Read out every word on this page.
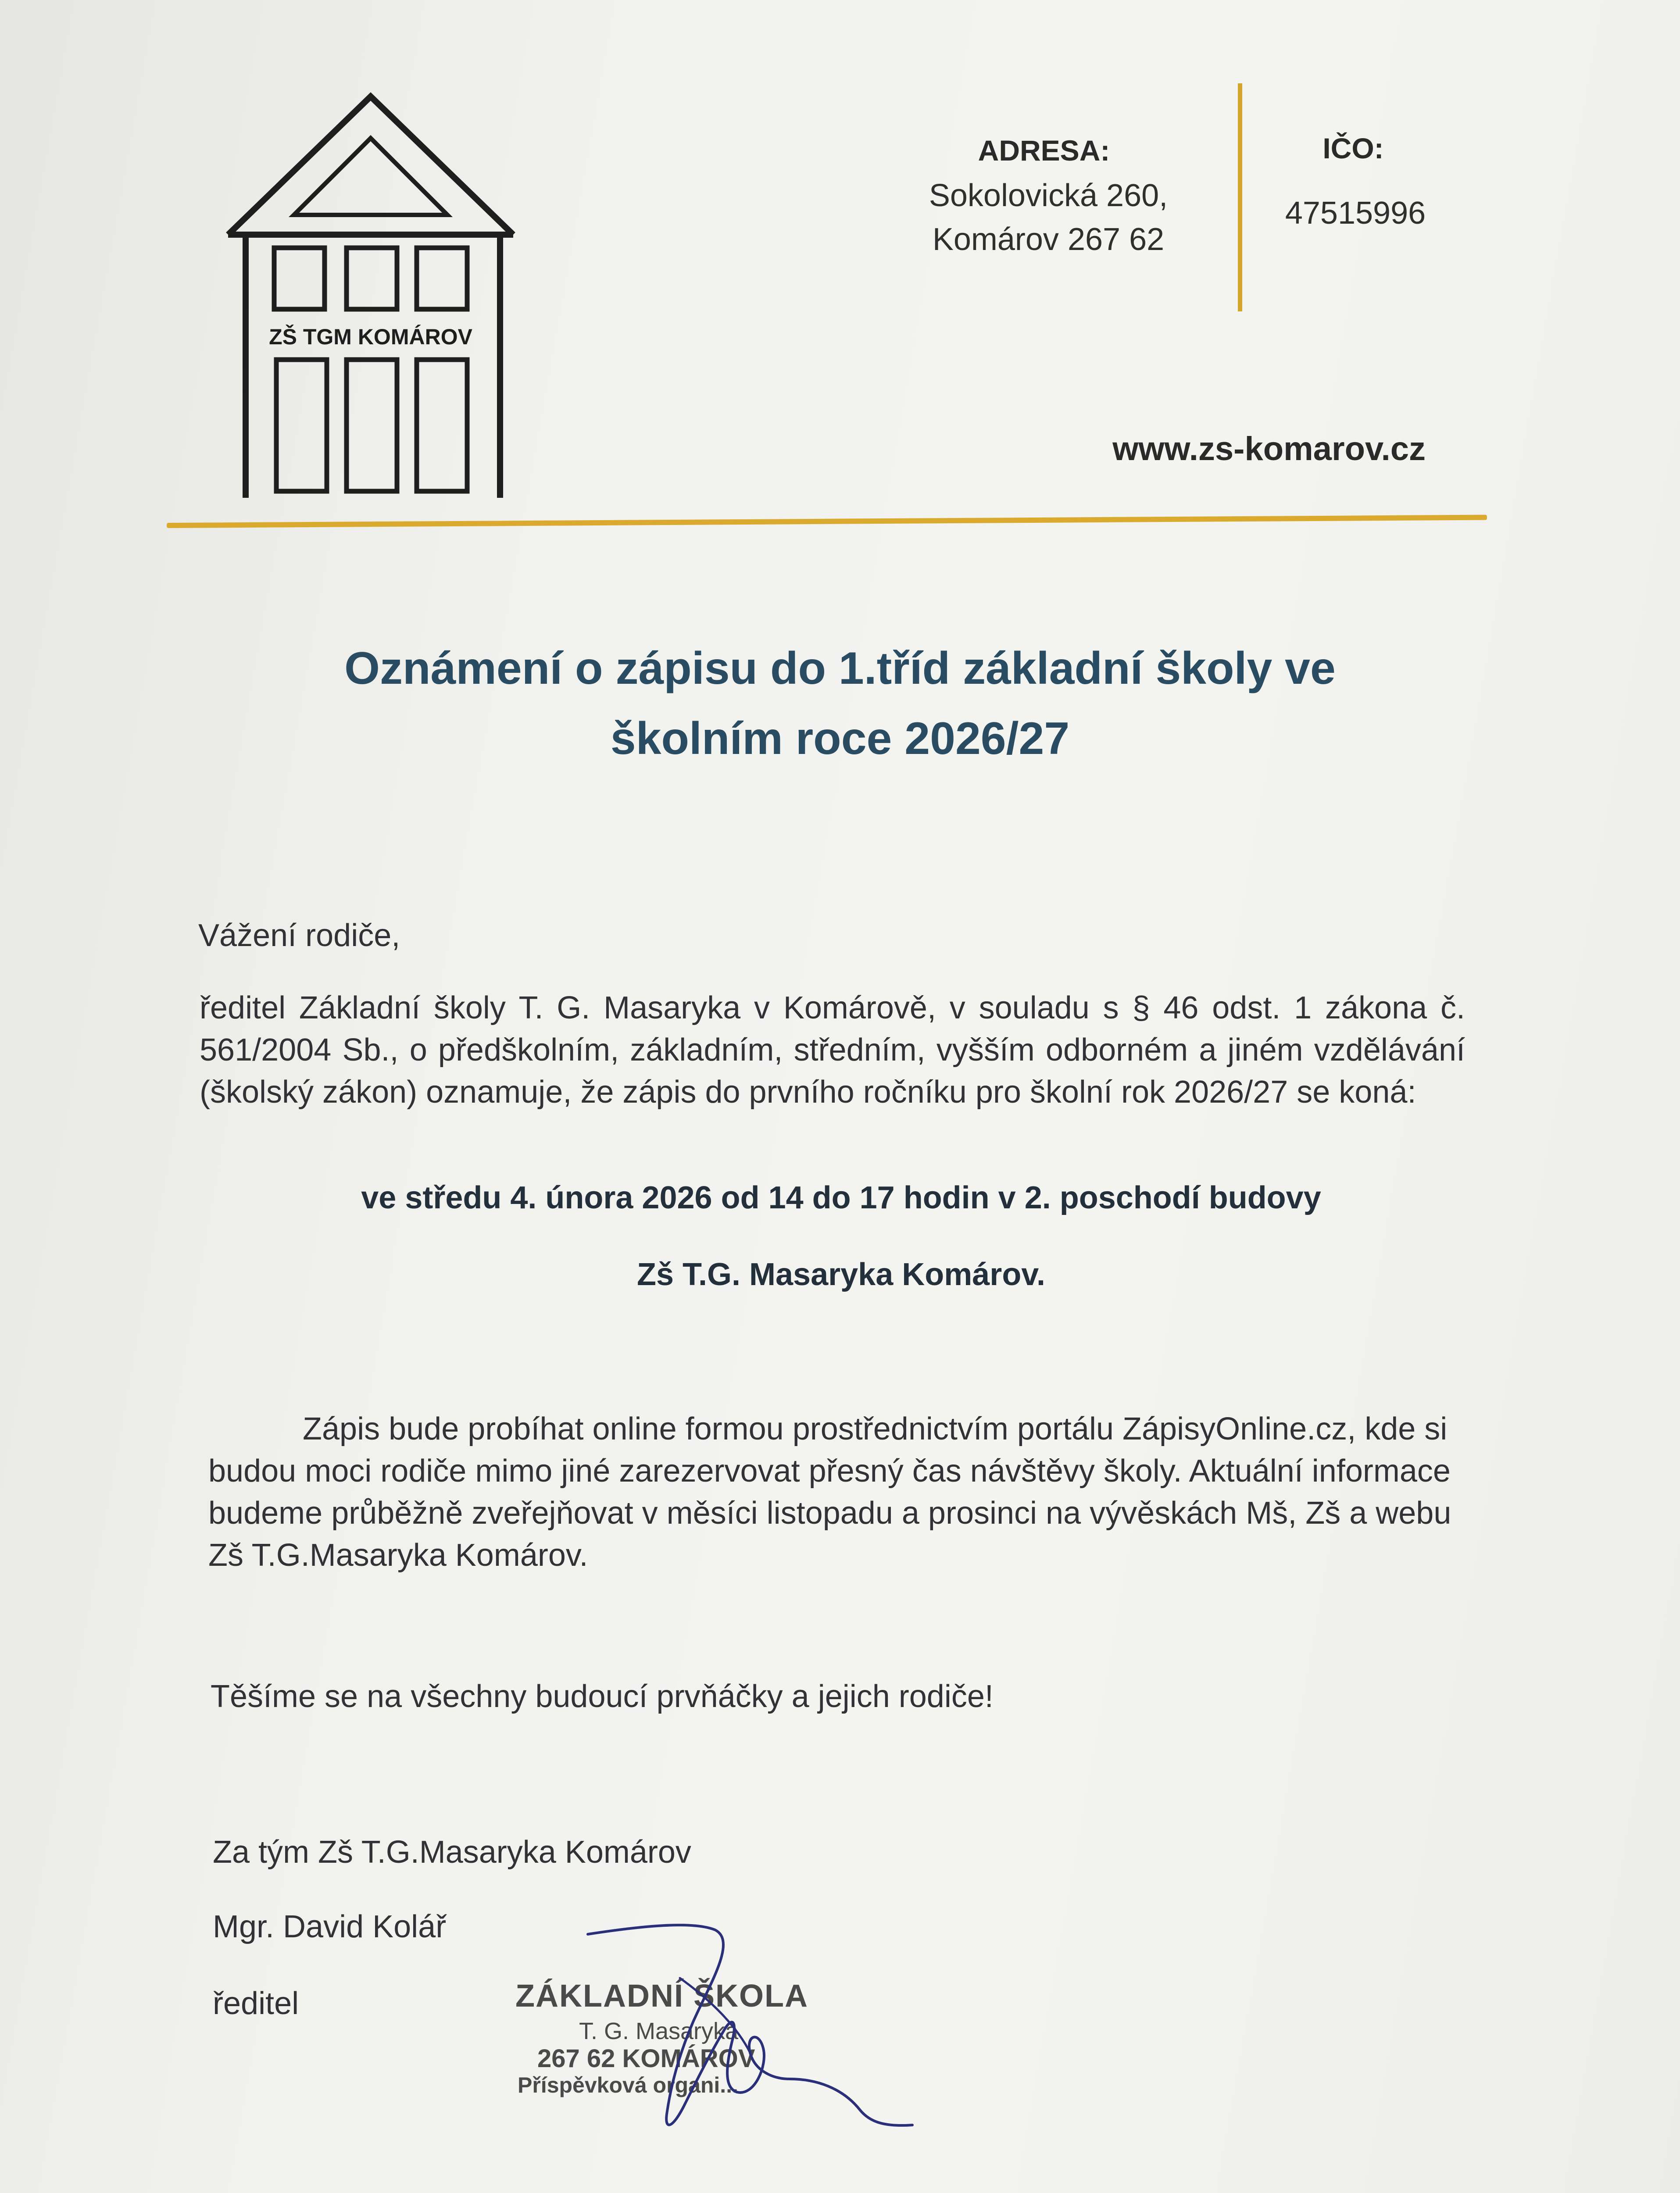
ZŠ TGM KOMÁROV
ADRESA:
Sokolovická 260,
Komárov 267 62
IČO:
47515996
www.zs-komarov.cz
Oznámení o zápisu do 1.tříd základní školy ve
školním roce 2026/27
Vážení rodiče,
ředitel Základní školy T. G. Masaryka v Komárově, v souladu s § 46 odst. 1 zákona č. 561/2004 Sb., o předškolním, základním, středním, vyšším odborném a jiném vzdělávání (školský zákon) oznamuje, že zápis do prvního ročníku pro školní rok 2026/27 se koná:
ve středu 4. února 2026 od 14 do 17 hodin v 2. poschodí budovy
Zš T.G. Masaryka Komárov.
Zápis bude probíhat online formou prostřednictvím portálu ZápisyOnline.cz, kde si budou moci rodiče mimo jiné zarezervovat přesný čas návštěvy školy. Aktuální informace budeme průběžně zveřejňovat v měsíci listopadu a prosinci na vývěskách Mš, Zš a webu Zš T.G.Masaryka Komárov.
Těšíme se na všechny budoucí prvňáčky a jejich rodiče!
Za tým Zš T.G.Masaryka Komárov
Mgr. David Kolář
ředitel	ZÁKLADNÍ ŠKOLA
T. G. Masaryka
267 62 KOMÁROV
Příspěvková organi...
